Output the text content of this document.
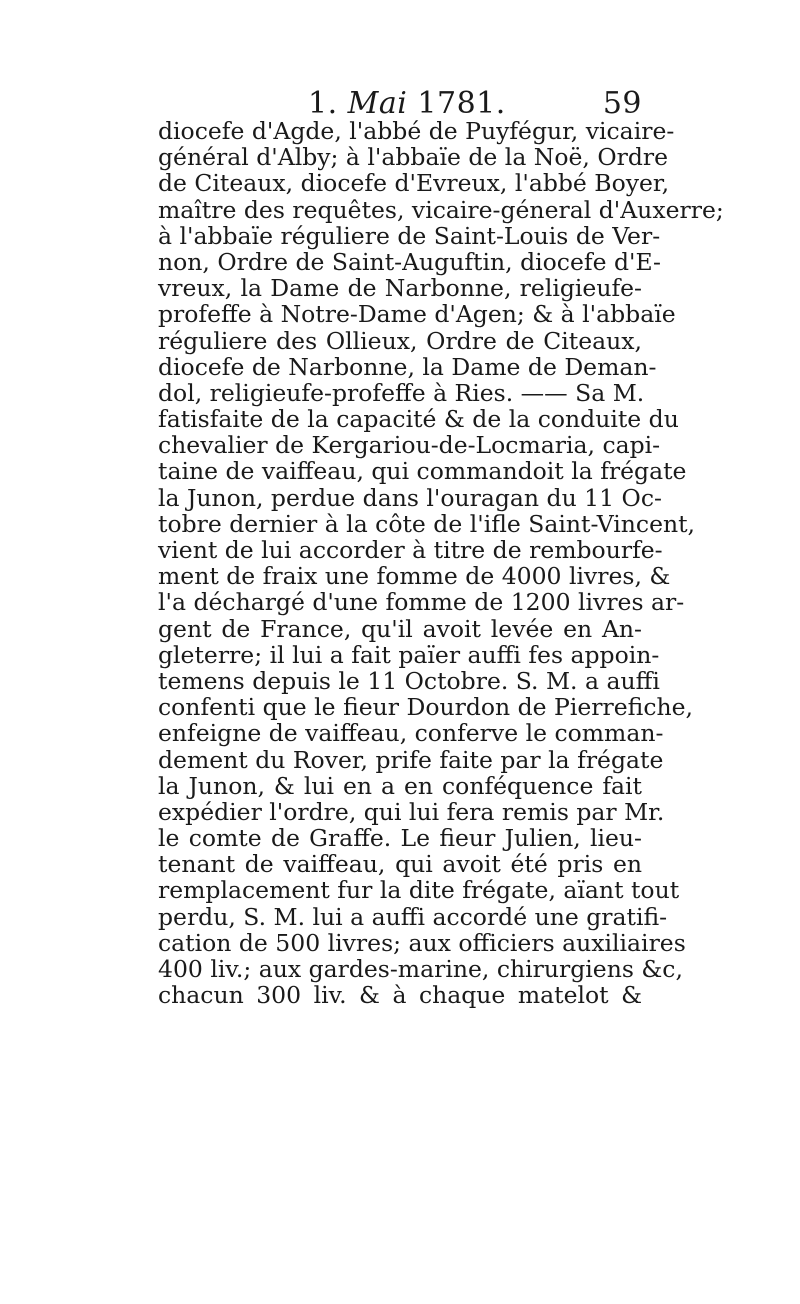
1. Mai 1781.	59
diocefe d'Agde, l'abbé de Puyfégur, vicaire-
général d'Alby; à l'abbaïe de la Noë, Ordre
de Citeaux, diocefe d'Evreux, l'abbé Boyer,
maître des requêtes, vicaire-géneral d'Auxerre;
à l'abbaïe réguliere de Saint-Louis de Ver-
non, Ordre de Saint-Auguftin, diocefe d'E-
vreux, la Dame de Narbonne, religieufe-
profeffe à Notre-Dame d'Agen; & à l'abbaïe
réguliere des Ollieux, Ordre de Citeaux,
diocefe de Narbonne, la Dame de Deman-
dol, religieufe-profeffe à Ries. —— Sa M.
fatisfaite de la capacité & de la conduite du
chevalier de Kergariou-de-Locmaria, capi-
taine de vaiffeau, qui commandoit la frégate
la Junon, perdue dans l'ouragan du 11 Oc-
tobre dernier à la côte de l'ifle Saint-Vincent,
vient de lui accorder à titre de rembourfe-
ment de fraix une fomme de 4000 livres, &
l'a déchargé d'une fomme de 1200 livres ar-
gent de France, qu'il avoit levée en An-
gleterre; il lui a fait païer auffi fes appoin-
temens depuis le 11 Octobre. S. M. a auffi
confenti que le fieur Dourdon de Pierrefiche,
enfeigne de vaiffeau, conferve le comman-
dement du Rover, prife faite par la frégate
la Junon, & lui en a en conféquence fait
expédier l'ordre, qui lui fera remis par Mr.
le comte de Graffe. Le fieur Julien, lieu-
tenant de vaiffeau, qui avoit été pris en
remplacement fur la dite frégate, aïant tout
perdu, S. M. lui a auffi accordé une gratifi-
cation de 500 livres; aux officiers auxiliaires
400 liv.; aux gardes-marine, chirurgiens &c,
chacun 300 liv. & à chaque matelot &
